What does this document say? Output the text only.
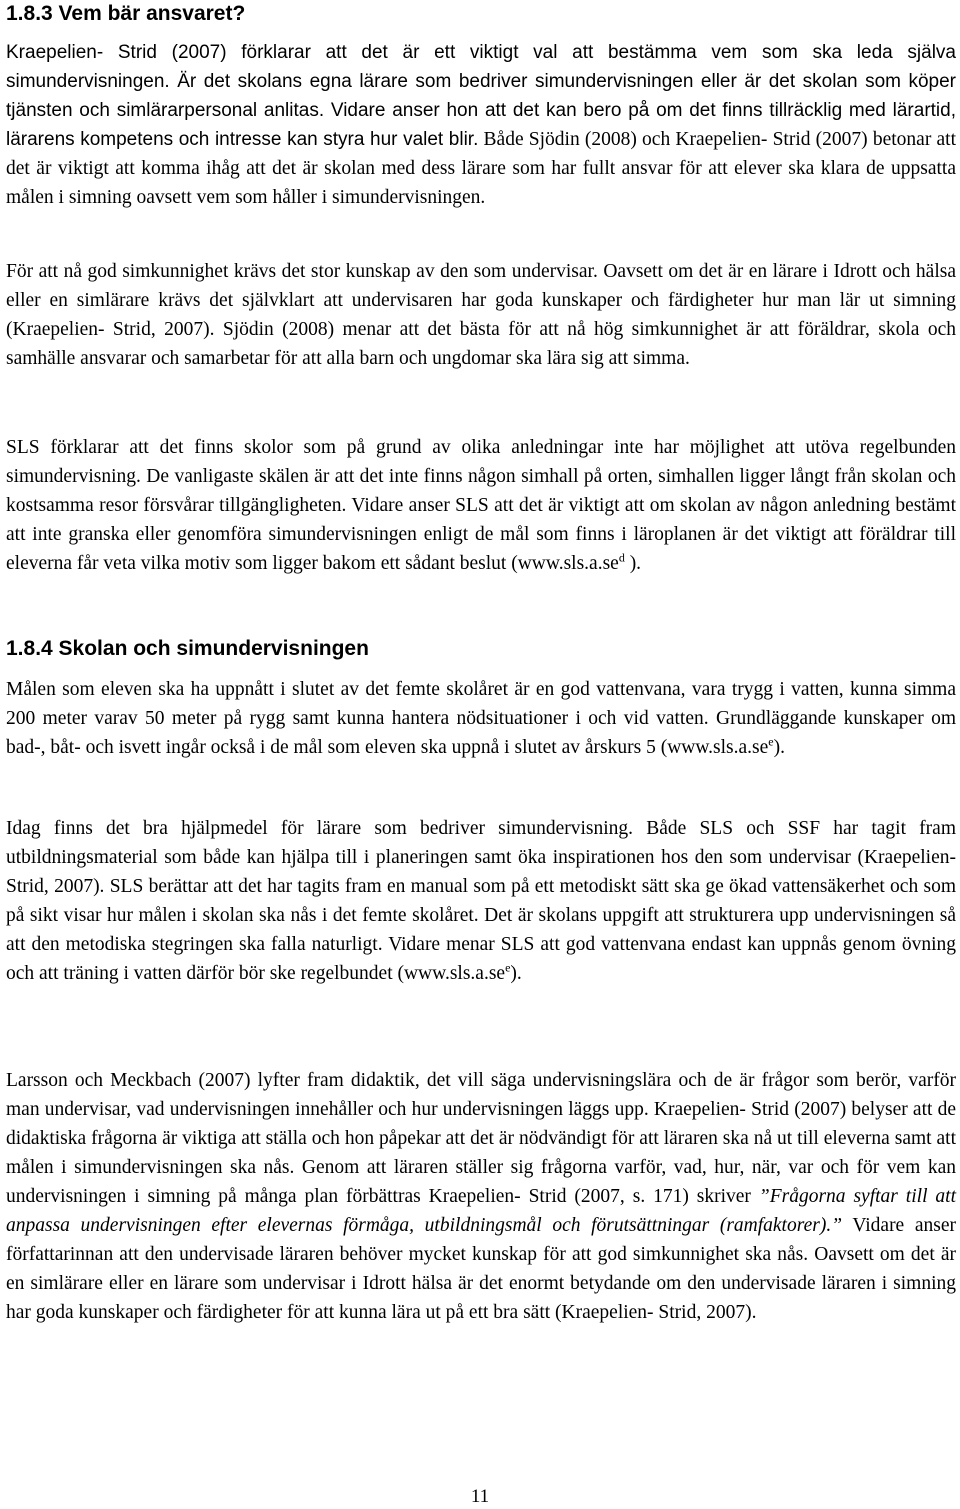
1.8.3 Vem bär ansvaret?

Kraepelien- Strid (2007) förklarar att det är ett viktigt val att bestämma vem som ska leda själva simundervisningen. Är det skolans egna lärare som bedriver simundervisningen eller är det skolan som köper tjänsten och simlärarpersonal anlitas. Vidare anser hon att det kan bero på om det finns tillräcklig med lärartid, lärarens kompetens och intresse kan styra hur valet blir. Både Sjödin (2008) och Kraepelien- Strid (2007) betonar att det är viktigt att komma ihåg att det är skolan med dess lärare som har fullt ansvar för att elever ska klara de uppsatta målen i simning oavsett vem som håller i simundervisningen.

För att nå god simkunnighet krävs det stor kunskap av den som undervisar. Oavsett om det är en lärare i Idrott och hälsa eller en simlärare krävs det självklart att undervisaren har goda kunskaper och färdigheter hur man lär ut simning (Kraepelien- Strid, 2007). Sjödin (2008) menar att det bästa för att nå hög simkunnighet är att föräldrar, skola och samhälle ansvarar och samarbetar för att alla barn och ungdomar ska lära sig att simma.

SLS förklarar att det finns skolor som på grund av olika anledningar inte har möjlighet att utöva regelbunden simundervisning. De vanligaste skälen är att det inte finns någon simhall på orten, simhallen ligger långt från skolan och kostsamma resor försvårar tillgängligheten. Vidare anser SLS att det är viktigt att om skolan av någon anledning bestämt att inte granska eller genomföra simundervisningen enligt de mål som finns i läroplanen är det viktigt att föräldrar till eleverna får veta vilka motiv som ligger bakom ett sådant beslut ($www.sls.a.se^d$ ).

1.8.4 Skolan och simundervisningen

Målen som eleven ska ha uppnått i slutet av det femte skolåret är en god vattenvana, vara trygg i vatten, kunna simma 200 meter varav 50 meter på rygg samt kunna hantera nödsituationer i och vid vatten. Grundläggande kunskaper om bad-, båt- och isvett ingår också i de mål som eleven ska uppnå i slutet av årskurs 5 $(www.sls.a.se^e)$.

Idag finns det bra hjälpmedel för lärare som bedriver simundervisning. Både SLS och SSF har tagit fram utbildningsmaterial som både kan hjälpa till i planeringen samt öka inspirationen hos den som undervisar (Kraepelien- Strid, 2007). SLS berättar att det har tagits fram en manual som på ett metodiskt sätt ska ge ökad vattensäkerhet och som på sikt visar hur målen i skolan ska nås i det femte skolåret. Det är skolans uppgift att strukturera upp undervisningen så att den metodiska stegringen ska falla naturligt. Vidare menar SLS att god vattenvana endast kan uppnås genom övning och att träning i vatten därför bör ske regelbundet $(www.sls.a.se^e)$.

Larsson och Meckbach (2007) lyfter fram didaktik, det vill säga undervisningslära och de är frågor som berör, varför man undervisar, vad undervisningen innehåller och hur undervisningen läggs upp. Kraepelien- Strid (2007) belyser att de didaktiska frågorna är viktiga att ställa och hon påpekar att det är nödvändigt för att läraren ska nå ut till eleverna samt att målen i simundervisningen ska nås. Genom att läraren ställer sig frågorna varför, vad, hur, när, var och för vem kan undervisningen i simning på många plan förbättras Kraepelien- Strid (2007, s. 171) skriver ”Frågorna syftar till att anpassa undervisningen efter elevernas förmåga, utbildningsmål och förutsättningar (ramfaktorer).” Vidare anser författarinnan att den undervisade läraren behöver mycket kunskap för att god simkunnighet ska nås. Oavsett om det är en simlärare eller en lärare som undervisar i Idrott hälsa är det enormt betydande om den undervisade läraren i simning har goda kunskaper och färdigheter för att kunna lära ut på ett bra sätt (Kraepelien- Strid, 2007).

11
